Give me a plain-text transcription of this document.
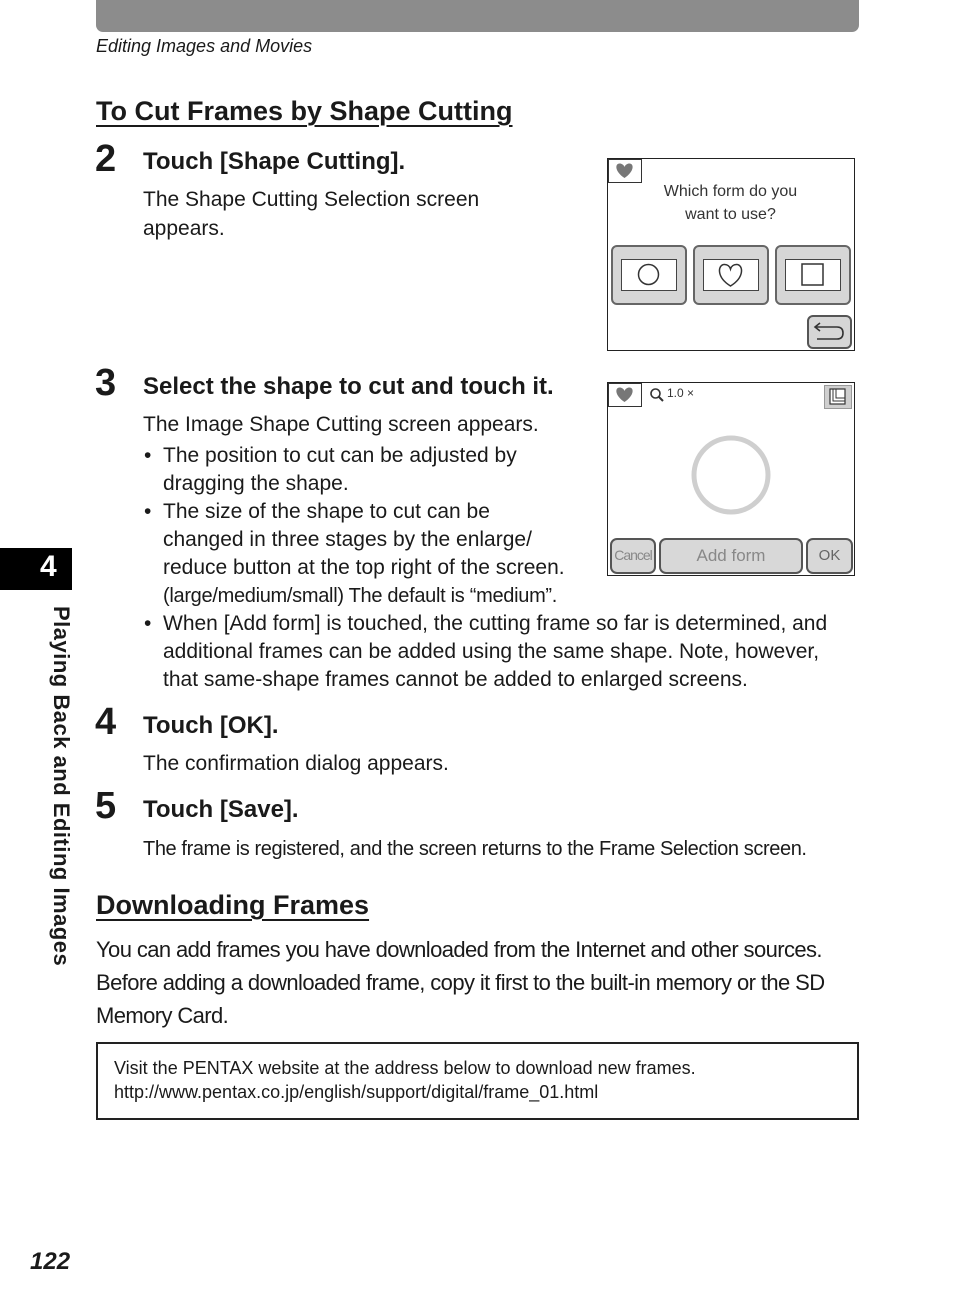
Editing Images and Movies
To Cut Frames by Shape Cutting
2 Touch [Shape Cutting].
The Shape Cutting Selection screen
appears.
Which form do you
want to use?
3 Select the shape to cut and touch it.
The Image Shape Cutting screen appears.
• The position to cut can be adjusted by
dragging the shape.
• The size of the shape to cut can be
changed in three stages by the enlarge/
reduce button at the top right of the screen.
(large/medium/small) The default is “medium”.
• When [Add form] is touched, the cutting frame so far is determined, and
additional frames can be added using the same shape. Note, however,
that same-shape frames cannot be added to enlarged screens.
1.0 ×
Cancel	Add form	OK
4 Touch [OK].
The confirmation dialog appears.
5 Touch [Save].
The frame is registered, and the screen returns to the Frame Selection screen.
Downloading Frames
You can add frames you have downloaded from the Internet and other sources.
Before adding a downloaded frame, copy it first to the built-in memory or the SD
Memory Card.
Visit the PENTAX website at the address below to download new frames.
http://www.pentax.co.jp/english/support/digital/frame_01.html
4
Playing Back and Editing Images
122
